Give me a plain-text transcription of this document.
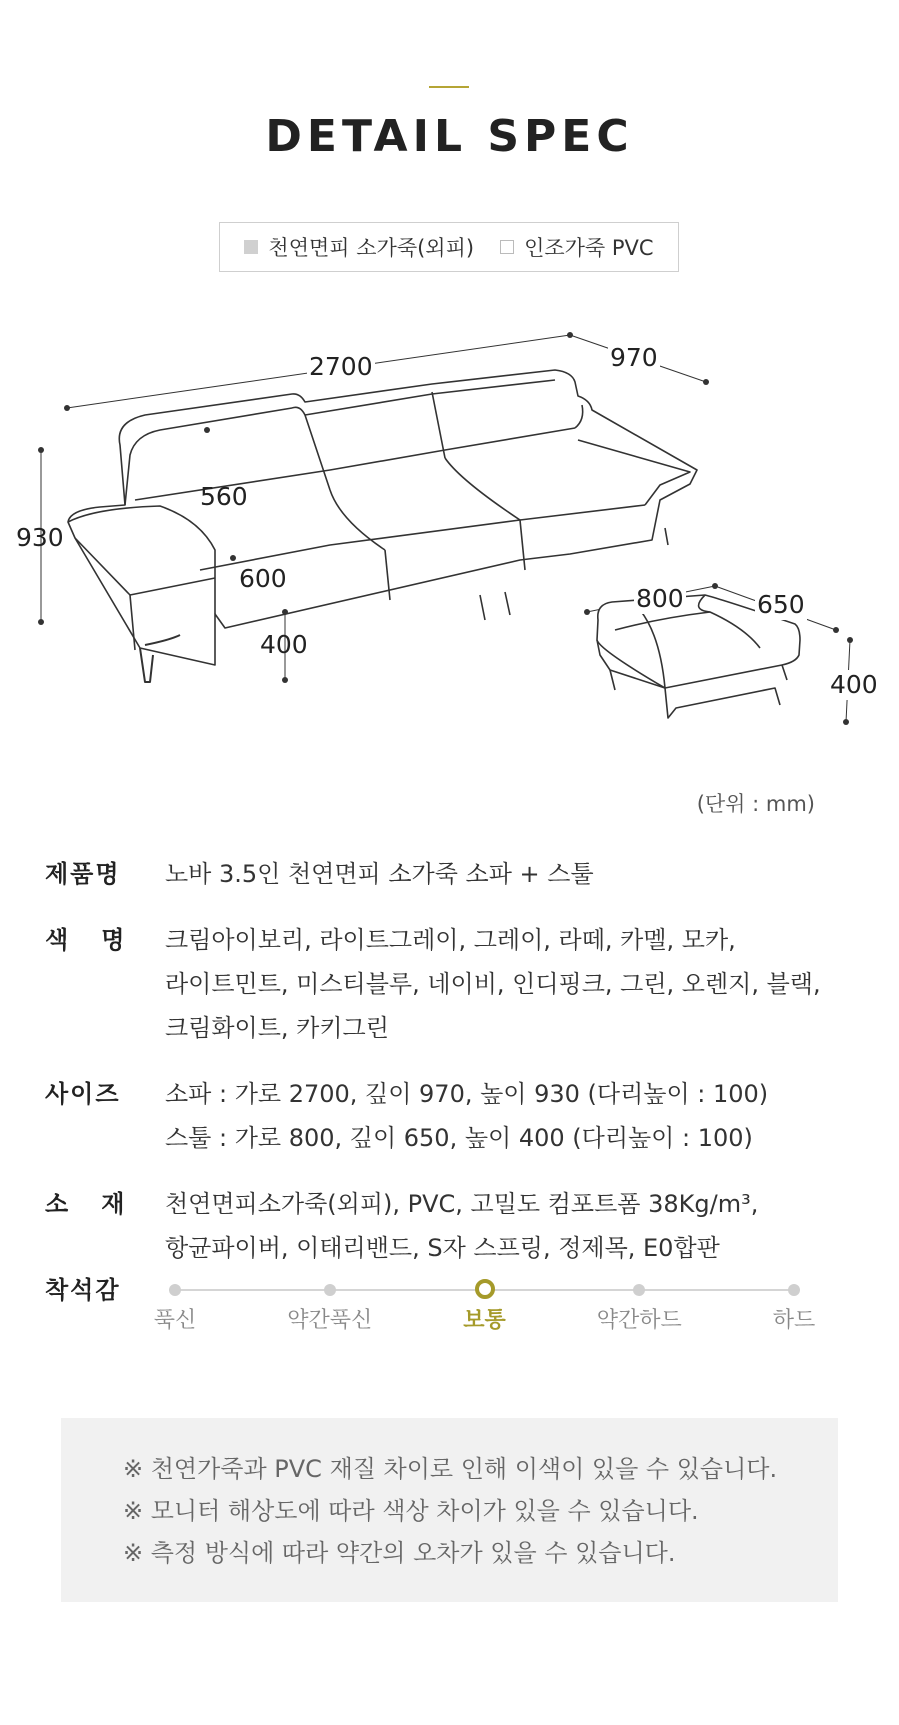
DETAIL SPEC
천연면피 소가죽(외피) 인조가죽 PVC
2700	970
930
560
600
400
800	650
400
(단위 : mm)
제품명	노바 3.5인 천연면피 소가죽 소파 + 스툴
색   명	크림아이보리, 라이트그레이, 그레이, 라떼, 카멜, 모카,
라이트민트, 미스티블루, 네이비, 인디핑크, 그린, 오렌지, 블랙,
크림화이트, 카키그린
사이즈	소파 : 가로 2700, 깊이 970, 높이 930 (다리높이 : 100)
스툴 : 가로 800, 깊이 650, 높이 400 (다리높이 : 100)
소   재	천연면피소가죽(외피), PVC, 고밀도 컴포트폼 38Kg/m³,
항균파이버, 이태리밴드, S자 스프링, 정제목, E0합판
착석감
푹신	약간푹신	보통	약간하드	하드
※ 천연가죽과 PVC 재질 차이로 인해 이색이 있을 수 있습니다.
※ 모니터 해상도에 따라 색상 차이가 있을 수 있습니다.
※ 측정 방식에 따라 약간의 오차가 있을 수 있습니다.
